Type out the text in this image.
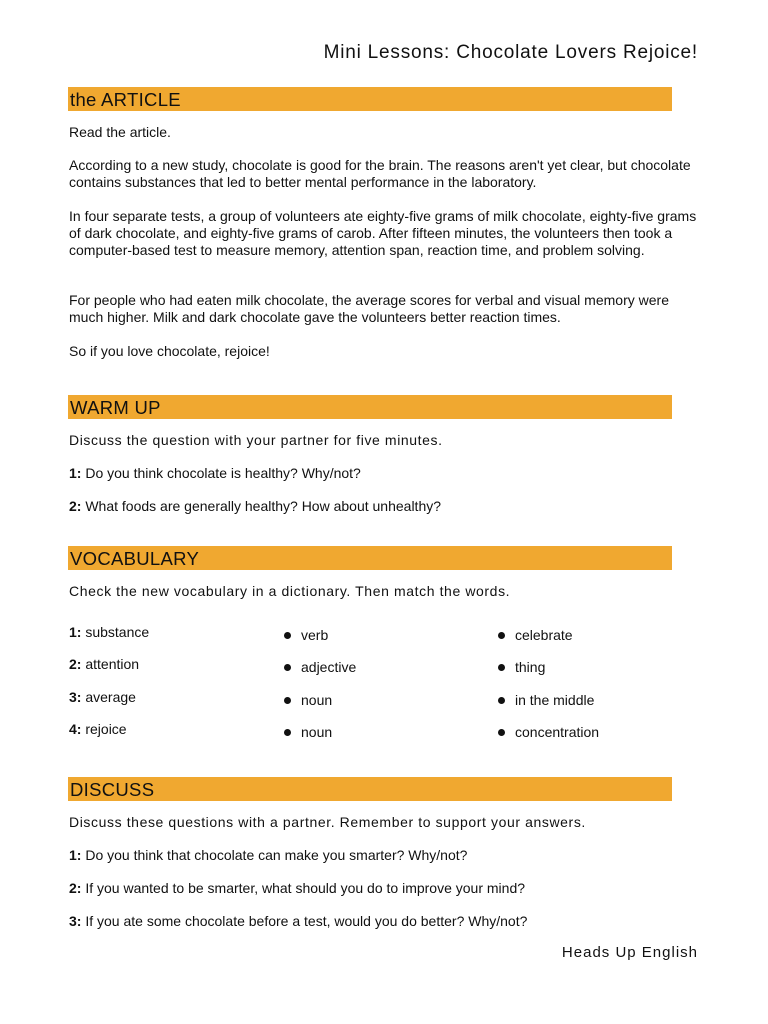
Mini Lessons: Chocolate Lovers Rejoice!
the ARTICLE
Read the article.
According to a new study, chocolate is good for the brain. The reasons aren't yet clear, but chocolate contains substances that led to better mental performance in the laboratory.
In four separate tests, a group of volunteers ate eighty-five grams of milk chocolate, eighty-five grams of dark chocolate, and eighty-five grams of carob. After fifteen minutes, the volunteers then took a computer-based test to measure memory, attention span, reaction time, and problem solving.
For people who had eaten milk chocolate, the average scores for verbal and visual memory were much higher. Milk and dark chocolate gave the volunteers better reaction times.
So if you love chocolate, rejoice!
WARM UP
Discuss the question with your partner for five minutes.
1: Do you think chocolate is healthy? Why/not?
2: What foods are generally healthy? How about unhealthy?
VOCABULARY
Check the new vocabulary in a dictionary. Then match the words.
1: substance
2: attention
3: average
4: rejoice
verb
adjective
noun
noun
celebrate
thing
in the middle
concentration
DISCUSS
Discuss these questions with a partner. Remember to support your answers.
1: Do you think that chocolate can make you smarter? Why/not?
2: If you wanted to be smarter, what should you do to improve your mind?
3: If you ate some chocolate before a test, would you do better? Why/not?
Heads Up English
